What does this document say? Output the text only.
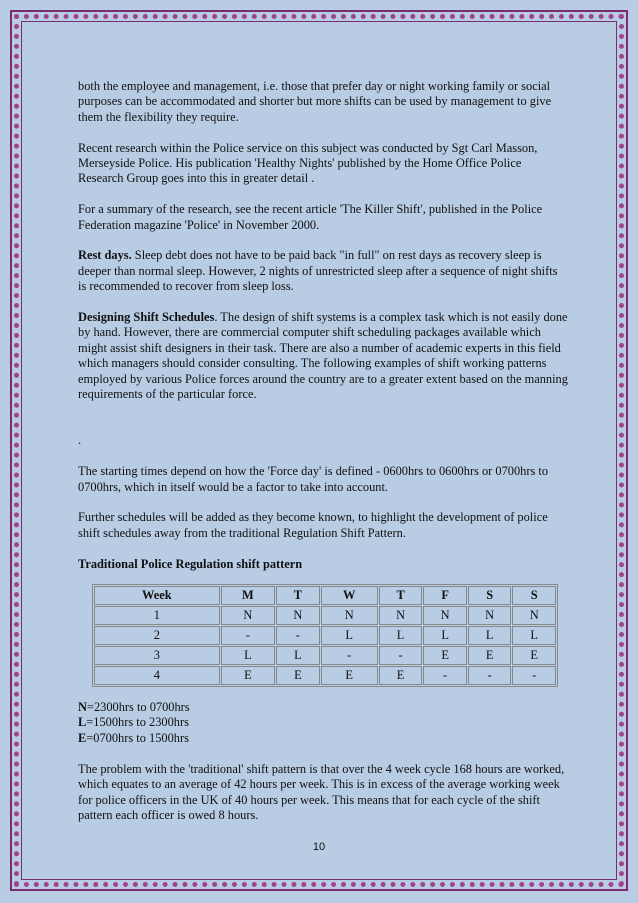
both the employee and management, i.e. those that prefer day or night working family or social purposes can be accommodated and shorter but more shifts can be used by management to give them the flexibility they require.

Recent research within the Police service on this subject was conducted by Sgt Carl Masson, Merseyside Police. His publication 'Healthy Nights' published by the Home Office Police Research Group goes into this in greater detail .

For a summary of the research, see the recent article 'The Killer Shift', published in the Police Federation magazine 'Police' in November 2000.

Rest days. Sleep debt does not have to be paid back "in full" on rest days as recovery sleep is deeper than normal sleep. However, 2 nights of unrestricted sleep after a sequence of night shifts is recommended to recover from sleep loss.

Designing Shift Schedules. The design of shift systems is a complex task which is not easily done by hand. However, there are commercial computer shift scheduling packages available which might assist shift designers in their task. There are also a number of academic experts in this field which managers should consider consulting. The following examples of shift working patterns employed by various Police forces around the country are to a greater extent based on the manning requirements of the particular force.

.

The starting times depend on how the 'Force day' is defined - 0600hrs to 0600hrs or 0700hrs to 0700hrs, which in itself would be a factor to take into account.

Further schedules will be added as they become known, to highlight the development of police shift schedules away from the traditional Regulation Shift Pattern.

Traditional Police Regulation shift pattern

Week	M	T	W	T	F	S	S
1	N	N	N	N	N	N	N
2	-	-	L	L	L	L	L
3	L	L	-	-	E	E	E
4	E	E	E	E	-	-	-

N=2300hrs to 0700hrs

L=1500hrs to 2300hrs

E=0700hrs to 1500hrs

The problem with the 'traditional' shift pattern is that over the 4 week cycle 168 hours are worked, which equates to an average of 42 hours per week. This is in excess of the average working week for police officers in the UK of 40 hours per week. This means that for each cycle of the shift pattern each officer is owed 8 hours.

10
